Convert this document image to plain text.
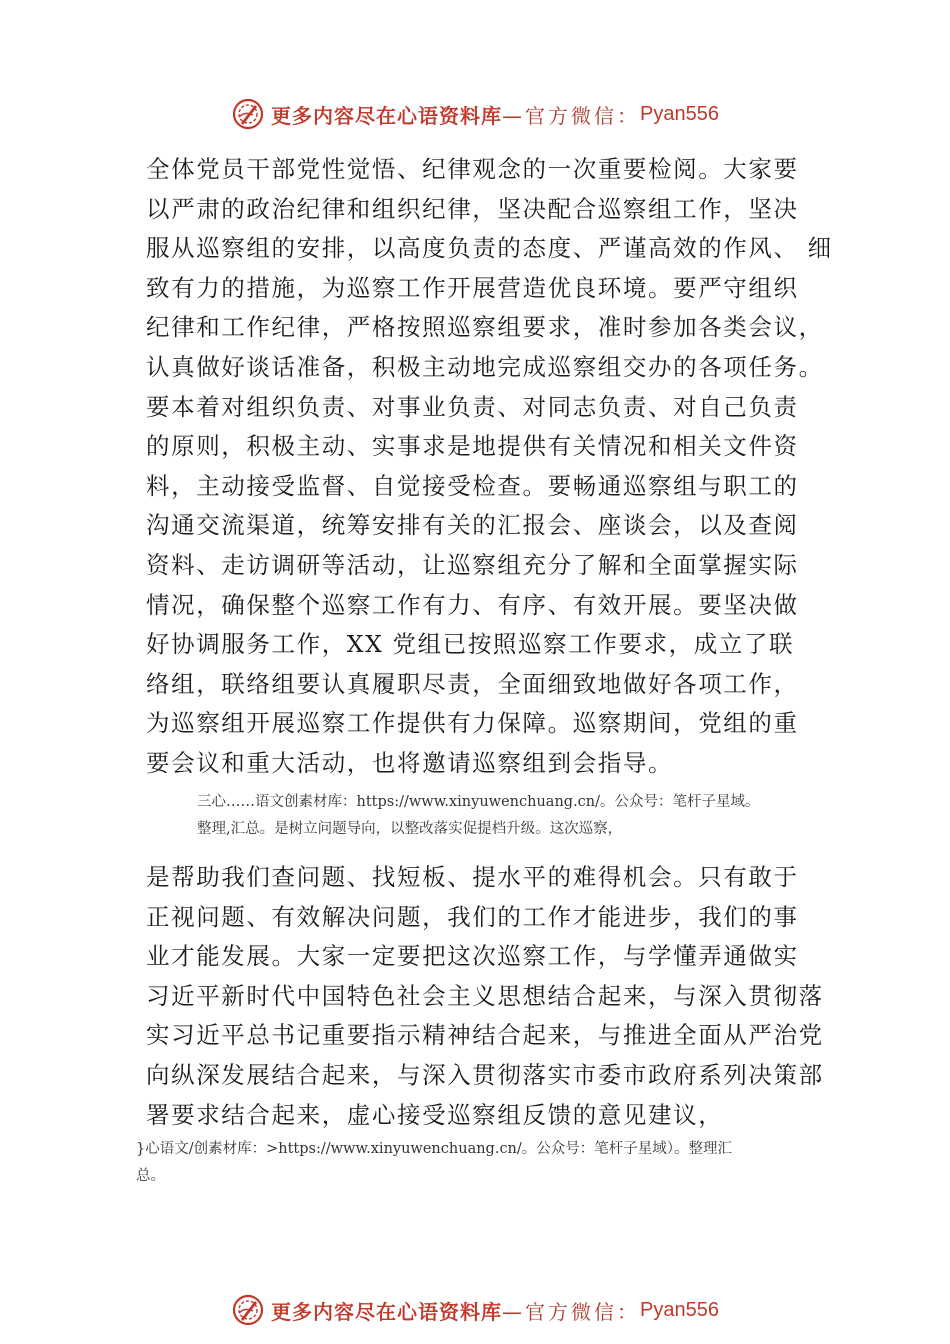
更多内容尽在心语资料库 —官方微信： Pyan556
全体党员干部党性觉悟、纪律观念的一次重要检阅。大家要
以严肃的政治纪律和组织纪律，坚决配合巡察组工作，坚决
服从巡察组的安排，以高度负责的态度、严谨高效的作风、 细
致有力的措施，为巡察工作开展营造优良环境。要严守组织
纪律和工作纪律，严格按照巡察组要求，准时参加各类会议，
认真做好谈话准备，积极主动地完成巡察组交办的各项任务。
要本着对组织负责、对事业负责、对同志负责、对自己负责
的原则，积极主动、实事求是地提供有关情况和相关文件资
料，主动接受监督、自觉接受检查。要畅通巡察组与职工的
沟通交流渠道，统筹安排有关的汇报会、座谈会，以及查阅
资料、走访调研等活动，让巡察组充分了解和全面掌握实际
情况，确保整个巡察工作有力、有序、有效开展。要坚决做
好协调服务工作，XX 党组已按照巡察工作要求，成立了联
络组，联络组要认真履职尽责，全面细致地做好各项工作，
为巡察组开展巡察工作提供有力保障。巡察期间，党组的重
要会议和重大活动，也将邀请巡察组到会指导。
三心……语文创素材库：https://www.xinyuwenchuang.cn/。公众号：笔杆子星域。
整理,汇总。是树立问题导向，以整改落实促提档升级。这次巡察，
是帮助我们查问题、找短板、提水平的难得机会。只有敢于
正视问题、有效解决问题，我们的工作才能进步，我们的事
业才能发展。大家一定要把这次巡察工作，与学懂弄通做实
习近平新时代中国特色社会主义思想结合起来，与深入贯彻落
实习近平总书记重要指示精神结合起来，与推进全面从严治党
向纵深发展结合起来，与深入贯彻落实市委市政府系列决策部
署要求结合起来，虚心接受巡察组反馈的意见建议，
}心语文/创素材库：>https://www.xinyuwenchuang.cn/。公众号：笔杆子星域）。整理汇
总。
更多内容尽在心语资料库 —官方微信： Pyan556
